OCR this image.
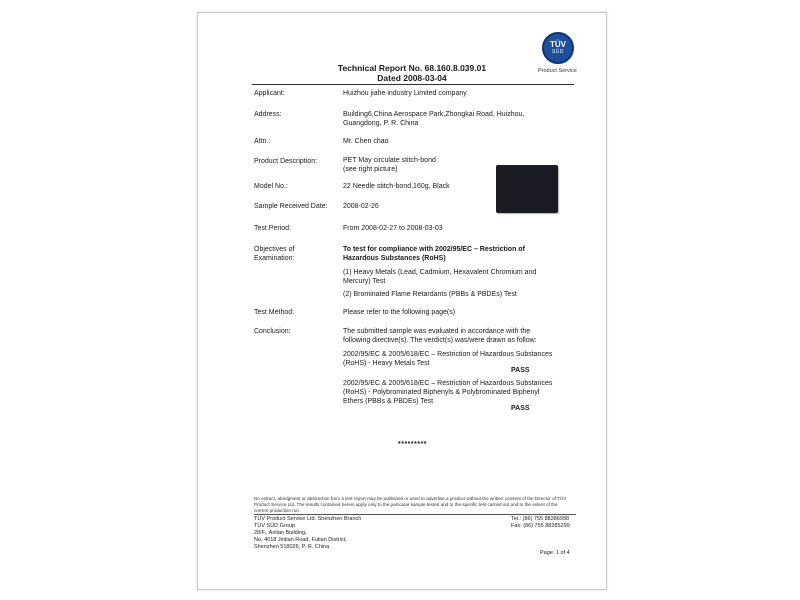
TÜV
SÜD
Product Service
Technical Report No. 68.160.8.039.01
Dated 2008-03-04
Applicant:	Huizhou jiahe industry Limited company
Address:	Building6,China Aerospace Park,Zhongkai Road, Huizhou,
Guangdong, P. R. China
Attn.:	Mr. Chen chao
Product Description:	PET May circulate stitch-bond
(see right picture)
Model No.:	22 Needle stitch-bond,160g, Black
Sample Received Date: 2008-02-26
Test Period:	From 2008-02-27 to 2008-03-03
Objectives of
Examination:
To test for compliance with 2002/95/EC – Restriction of
Hazardous Substances (RoHS)
(1) Heavy Metals (Lead, Cadmium, Hexavalent Chromium and
Mercury) Test
(2) Brominated Flame Retardants (PBBs & PBDEs) Test
Test Method:	Please refer to the following page(s)
Conclusion:	The submitted sample was evaluated in accordance with the
following directive(s). The verdict(s) was/were drawn as follow:
2002/95/EC & 2005/618/EC – Restriction of Hazardous Substances
(RoHS) - Heavy Metals Test
PASS
2002/95/EC & 2005/618/EC – Restriction of Hazardous Substances
(RoHS) - Polybrominated Biphenyls & Polybrominated Biphenyl
Ethers (PBBs & PBDEs) Test
PASS
*********
No extract, abridgment or abstraction from a test report may be published or used to advertise a product without the written consent of the Director of TÜV
Product Service Ltd. The results contained herein apply only to the particular sample tested and to the specific test carried out and to the extent of the
current production run.
TÜV Product Service Ltd. Shenzhen Branch
TÜV SÜD Group
28/F., Anlian Building,
No. 4018 Jintian Road, Futian District,
Shenzhen 518026, P. R. China
Tel.: (86) 755 88286998
Fax: (86) 755 88285299
Page: 1 of 4
